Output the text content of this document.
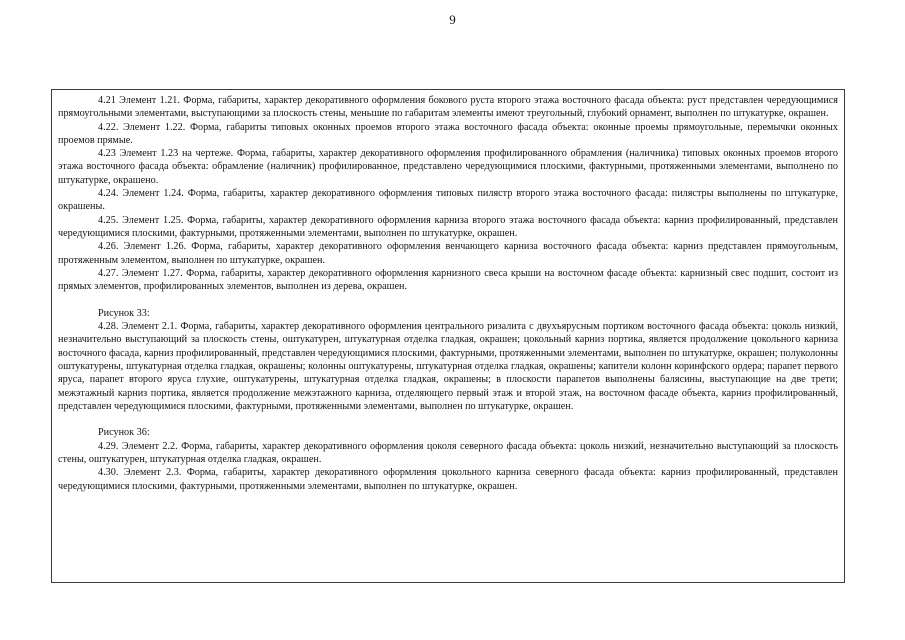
9

4.21 Элемент 1.21. Форма, габариты, характер декоративного оформления бокового руста второго этажа восточного фасада объекта: руст представлен чередующимися прямоугольными элементами, выступающими за плоскость стены, меньшие по габаритам элементы имеют треугольный, глубокий орнамент, выполнен по штукатурке, окрашен.

4.22. Элемент 1.22. Форма, габариты типовых оконных проемов второго этажа восточного фасада объекта: оконные проемы прямоугольные, перемычки оконных проемов прямые.

4.23 Элемент 1.23 на чертеже. Форма, габариты, характер декоративного оформления профилированного обрамления (наличника) типовых оконных проемов второго этажа восточного фасада объекта: обрамление (наличник) профилированное, представлено чередующимися плоскими, фактурными, протяженными элементами, выполнено по штукатурке, окрашено.

4.24. Элемент 1.24. Форма, габариты, характер декоративного оформления типовых пилястр второго этажа восточного фасада: пилястры выполнены по штукатурке, окрашены.

4.25. Элемент 1.25. Форма, габариты, характер декоративного оформления карниза второго этажа восточного фасада объекта: карниз профилированный, представлен чередующимися плоскими, фактурными, протяженными элементами, выполнен по штукатурке, окрашен.

4.26. Элемент 1.26. Форма, габариты, характер декоративного оформления венчающего карниза восточного фасада объекта: карниз представлен прямоугольным, протяженным элементом, выполнен по штукатурке, окрашен.

4.27. Элемент 1.27. Форма, габариты, характер декоративного оформления карнизного свеса крыши на восточном фасаде объекта: карнизный свес подшит, состоит из прямых элементов, профилированных элементов, выполнен из дерева, окрашен.

Рисунок 33:

4.28. Элемент 2.1. Форма, габариты, характер декоративного оформления центрального ризалита с двухъярусным портиком восточного фасада объекта: цоколь низкий, незначительно выступающий за плоскость стены, оштукатурен, штукатурная отделка гладкая, окрашен; цокольный карниз портика, является продолжение цокольного карниза восточного фасада, карниз профилированный, представлен чередующимися плоскими, фактурными, протяженными элементами, выполнен по штукатурке, окрашен; полуколонны оштукатурены, штукатурная отделка гладкая, окрашены; колонны оштукатурены, штукатурная отделка гладкая, окрашены; капители колонн коринфского ордера; парапет первого яруса, парапет второго яруса глухие, оштукатурены, штукатурная отделка гладкая, окрашены; в плоскости парапетов выполнены балясины, выступающие на две трети; межэтажный карниз портика, является продолжение межэтажного карниза, отделяющего первый этаж и второй этаж, на восточном фасаде объекта, карниз профилированный, представлен чередующимися плоскими, фактурными, протяженными элементами, выполнен по штукатурке, окрашен.

Рисунок 36:

4.29. Элемент 2.2. Форма, габариты, характер декоративного оформления цоколя северного фасада объекта: цоколь низкий, незначительно выступающий за плоскость стены, оштукатурен, штукатурная отделка гладкая, окрашен.

4.30. Элемент 2.3. Форма, габариты, характер декоративного оформления цокольного карниза северного фасада объекта: карниз профилированный, представлен чередующимися плоскими, фактурными, протяженными элементами, выполнен по штукатурке, окрашен.
